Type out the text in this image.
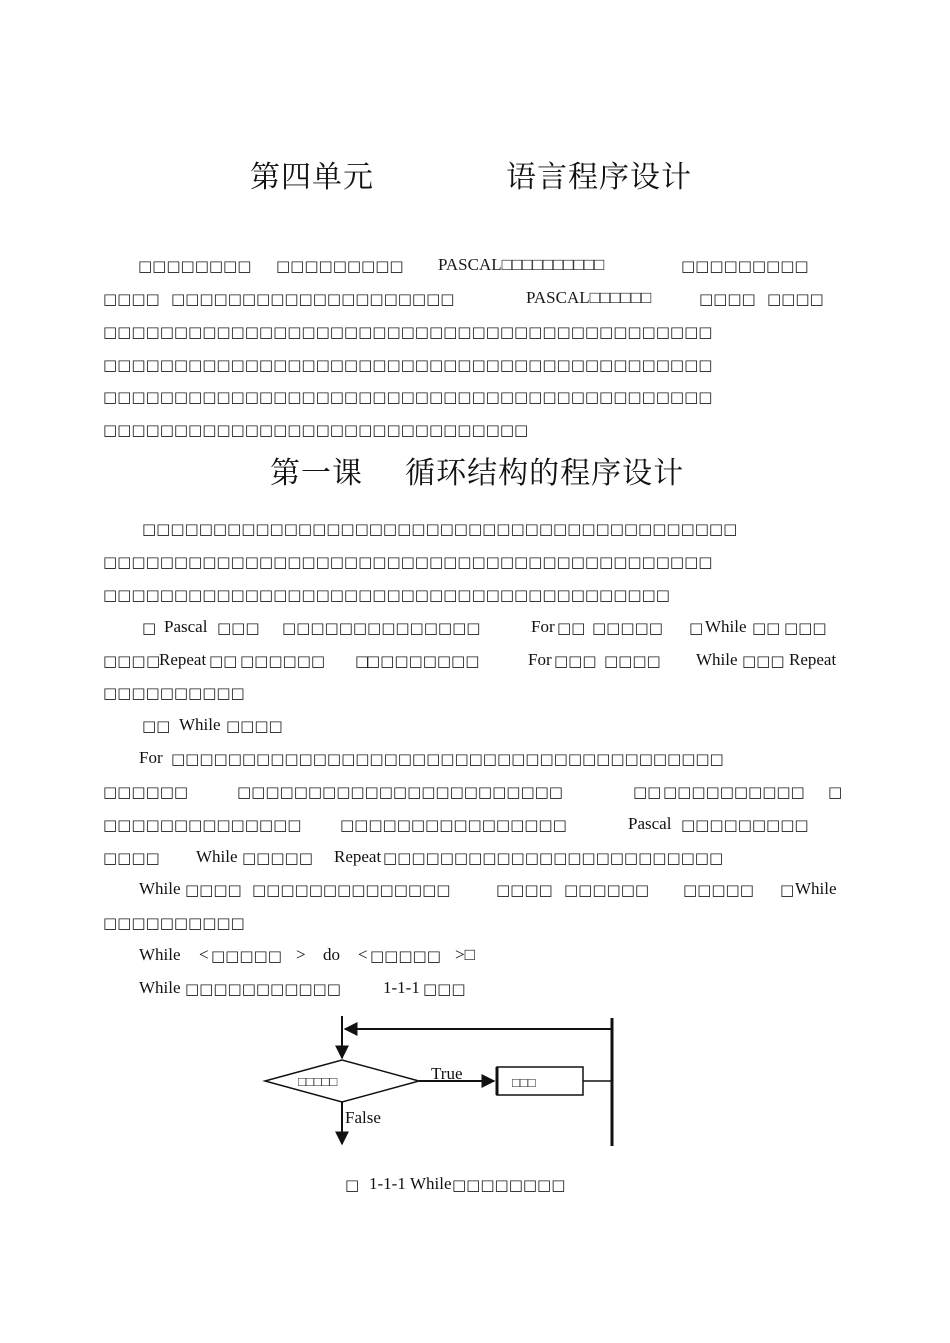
第四单元	语言程序设计
□□□□□□□□ □□□□□□□□□ PASCAL□□□□□□□□□□	□□□□□□□□□
□□□□ □□□□□□□□□□□□□□□□□□□□	PASCAL□□□□□□	□□□□ □□□□
□□□□□□□□□□□□□□□□□□□□□□□□□□□□□□□□□□□□□□□□□□□
□□□□□□□□□□□□□□□□□□□□□□□□□□□□□□□□□□□□□□□□□□□
□□□□□□□□□□□□□□□□□□□□□□□□□□□□□□□□□□□□□□□□□□□
□□□□□□□□□□□□□□□□□□□□□□□□□□□□□□
第一课    循环结构的程序设计
□□□□□□□□□□□□□□□□□□□□□□□□□□□□□□□□□□□□□□□□□□
□□□□□□□□□□□□□□□□□□□□□□□□□□□□□□□□□□□□□□□□□□□
□□□□□□□□□□□□□□□□□□□□□□□□□□□□□□□□□□□□□□□□
□ Pascal □□□ □□□□□□□□□□□□□□	For □□ □□□□□ □ While □□ □□□
□□□ □
Repeat □□ □□□□□□ □
□□□□□□□□	For □□□ □□□□ While □□□ Repeat
□□□□□□□□□□
□□ While □□□□
For □□□□□□□□□□□□□□□□□□□□□□□□□□□□□□□□□□□□□□□
□□□□□□	□□□□□□□□□□□□□□□□□□□□□□□	□□ □□□□□□□□□□ □
□□□□□□□□□□□□□□	□□□□□□□□□□□□□□□□	Pascal □□□□□□□□□
□□□□ While □□□□□ Repeat □□□□□□□□□□□□□□□□□□□□□□□□
While □□□□ □□□□□□□□□□□□□□	□□□□ □□□□□□ □□□□□ □ While
□□□□□□□□□□
While < □□□□□ > do < □□□□□ >□
While □□□□□□□□□□□ 1-1-1 □□□
□□□□□	True	□□□
False
□ 1-1-1 While □□□□□□□□
